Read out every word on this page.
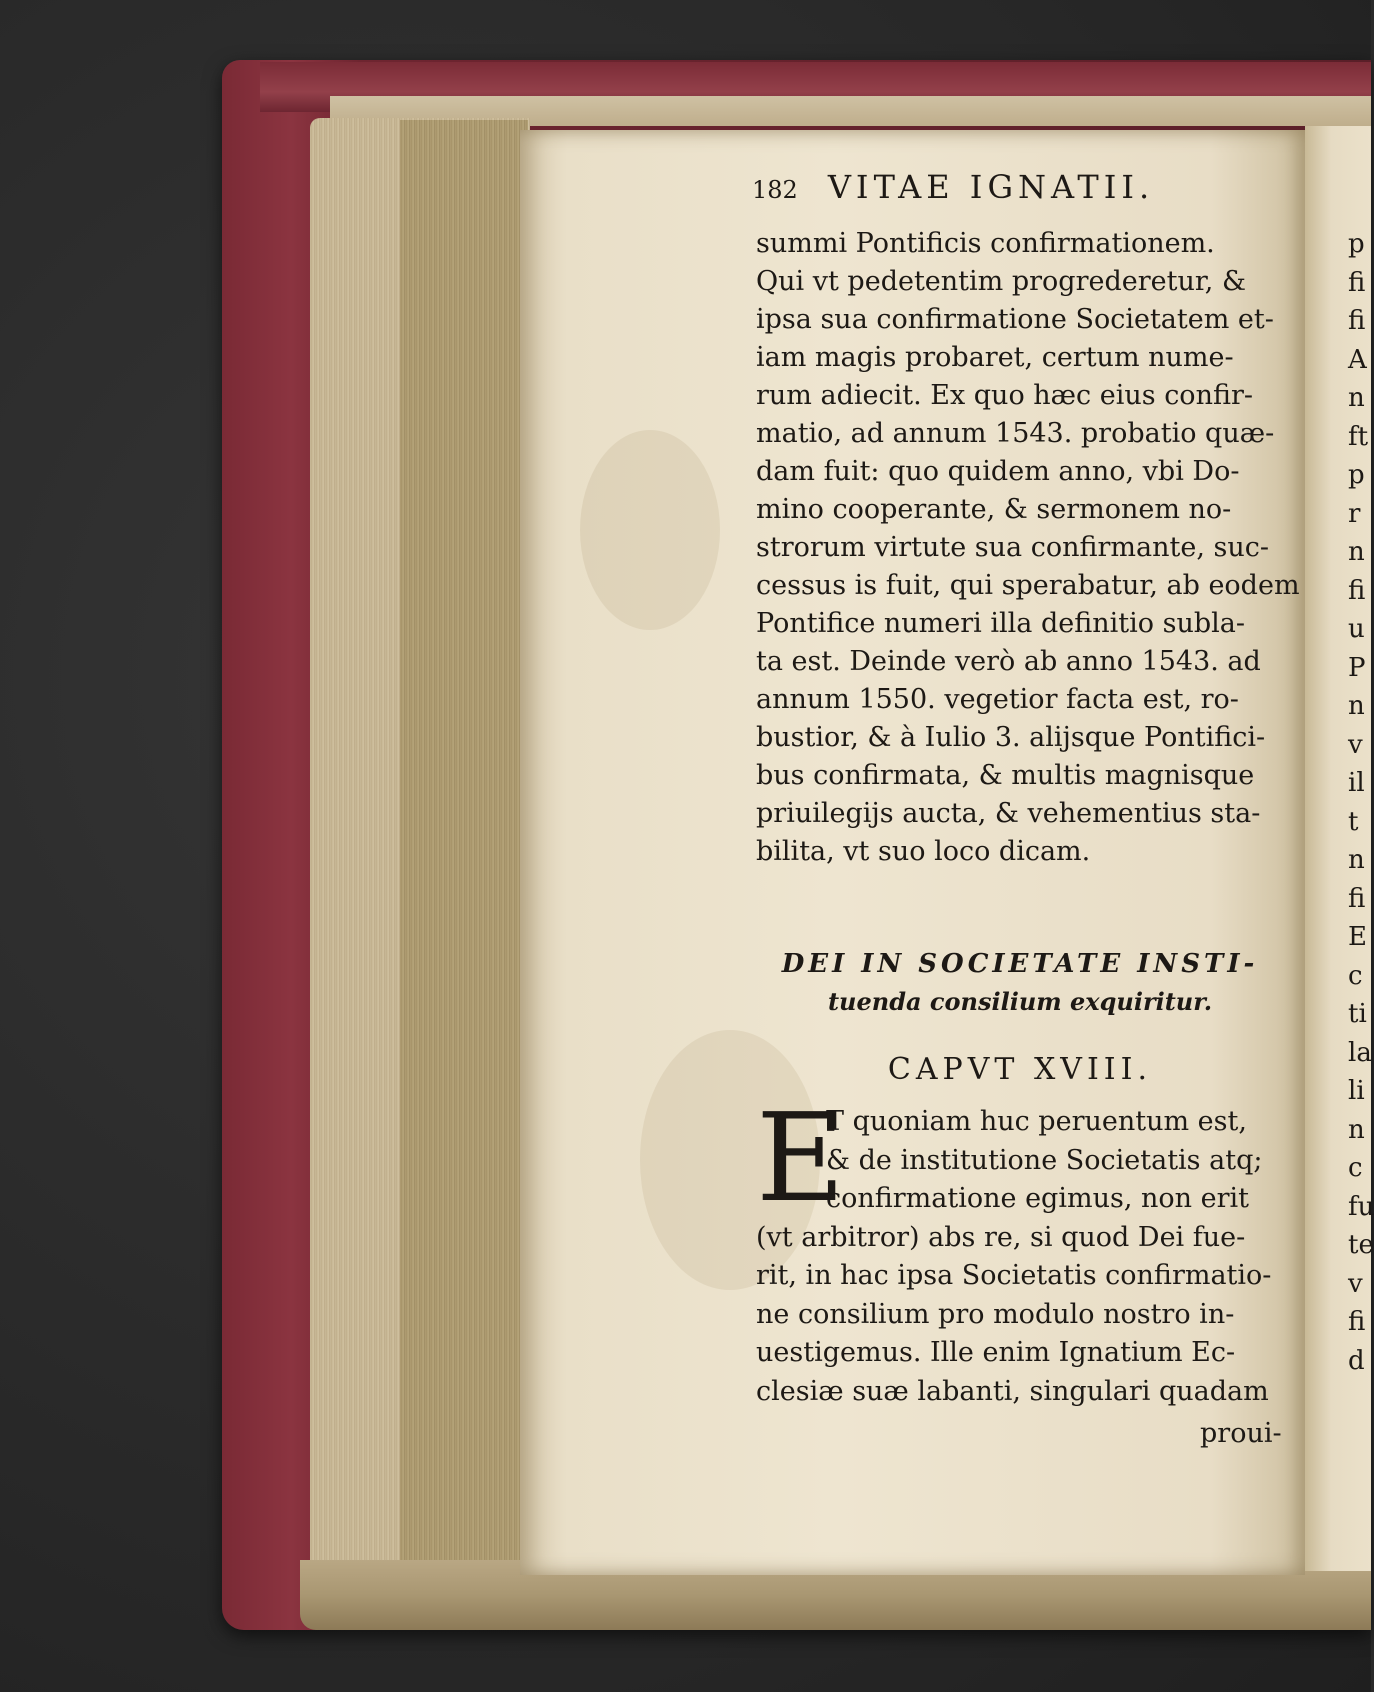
182 VITAE IGNATII.
summi Pontificis confirmationem.
Qui vt pedetentim progrederetur, &
ipsa sua confirmatione Societatem et-
iam magis probaret, certum nume-
rum adiecit. Ex quo hæc eius confir-
matio, ad annum 1543. probatio quæ-
dam fuit: quo quidem anno, vbi Do-
mino cooperante, & sermonem no-
strorum virtute sua confirmante, suc-
cessus is fuit, qui sperabatur, ab eodem
Pontifice numeri illa definitio subla-
ta est. Deinde verò ab anno 1543. ad
annum 1550. vegetior facta est, ro-
bustior, & à Iulio 3. alijsque Pontifici-
bus confirmata, & multis magnisque
priuilegijs aucta, & vehementius sta-
bilita, vt suo loco dicam.
DEI IN SOCIETATE INSTI-
tuenda consilium exquiritur.
CAPVT XVIII.
E
T quoniam huc peruentum est,
& de institutione Societatis atq;
confirmatione egimus, non erit
(vt arbitror) abs re, si quod Dei fue-
rit, in hac ipsa Societatis confirmatio-
ne consilium pro modulo nostro in-
uestigemus. Ille enim Ignatium Ec-
clesiæ suæ labanti, singulari quadam
proui-
p
fi
fi
A
n
ft
p
r
n
fi
u
P
n
v
il
t
n
fi
E
c
ti
la
li
n
c
fu
te
v
fi
d
